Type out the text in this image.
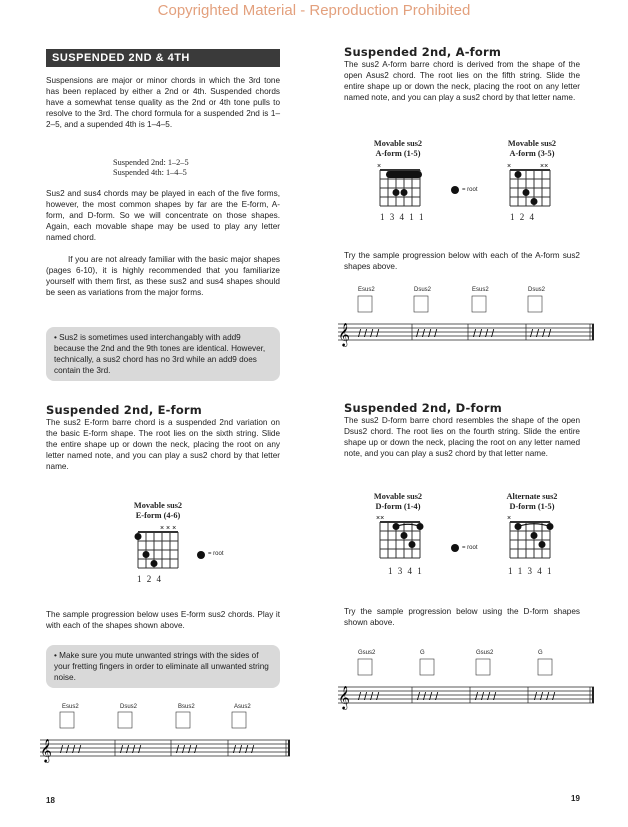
Copyrighted Material - Reproduction Prohibited
SUSPENDED 2ND & 4TH
Suspensions are major or minor chords in which the 3rd tone has been replaced by either a 2nd or 4th. Suspended chords have a somewhat tense quality as the 2nd or 4th tone pulls to resolve to the 3rd. The chord formula for a suspended 2nd is 1–2–5, and a supended 4th is 1–4–5.
Suspended 2nd: 1–2–5
Suspended 4th: 1–4–5
Sus2 and sus4 chords may be played in each of the five forms, however, the most common shapes by far are the E-form, A-form, and D-form. So we will concentrate on those shapes. Again, each movable shape may be used to play any letter named chord.
If you are not already familiar with the basic major shapes (pages 6-10), it is highly recommended that you familiarize yourself with them first, as these sus2 and sus4 shapes should be seen as variations from the major forms.
• Sus2 is sometimes used interchangably with add9 because the 2nd and the 9th tones are identical. However, technically, a sus2 chord has no 3rd while an add9 does contain the 3rd.
Suspended 2nd, E-form
The sus2 E-form barre chord is a suspended 2nd variation on the basic E-form shape. The root lies on the sixth string. Slide the entire shape up or down the neck, placing the root on any letter named note, and you can play a sus2 chord by that letter name.
Movable sus2
E-form (4-6)
× × ×
1 2 4
= root
The sample progression below uses E-form sus2 chords. Play it with each of the shapes shown above.
• Make sure you mute unwanted strings with the sides of your fretting fingers in order to eliminate all unwanted string noise.
Esus2	Dsus2	Bsus2	Asus2
𝄞 ////	////	////	////
18
Suspended 2nd, A-form
The sus2 A-form barre chord is derived from the shape of the open Asus2 chord. The root lies on the fifth string. Slide the entire shape up or down the neck, placing the root on any letter named note, and you can play a sus2 chord by that letter name.
Movable sus2
A-form (1-5)
×
1 3 4 1 1
= root
Movable sus2
A-form (3-5)
×	××
1 2 4
Try the sample progression below with each of the A-form sus2 shapes above.
Esus2	Dsus2	Esus2	Dsus2
𝄞 ////	////	////	////
Suspended 2nd, D-form
The sus2 D-form barre chord resembles the shape of the open Dsus2 chord. The root lies on the fourth string. Slide the entire shape up or down the neck, placing the root on any letter named note, and you can play a sus2 chord by that letter name.
Movable sus2
D-form (1-4)
××
1 3 4 1
= root
Alternate sus2
D-form (1-5)
×
1 1 3 4 1
Try the sample progression below using the D-form shapes shown above.
Gsus2	G	Gsus2	G
𝄞 ////	////	////	////
19
